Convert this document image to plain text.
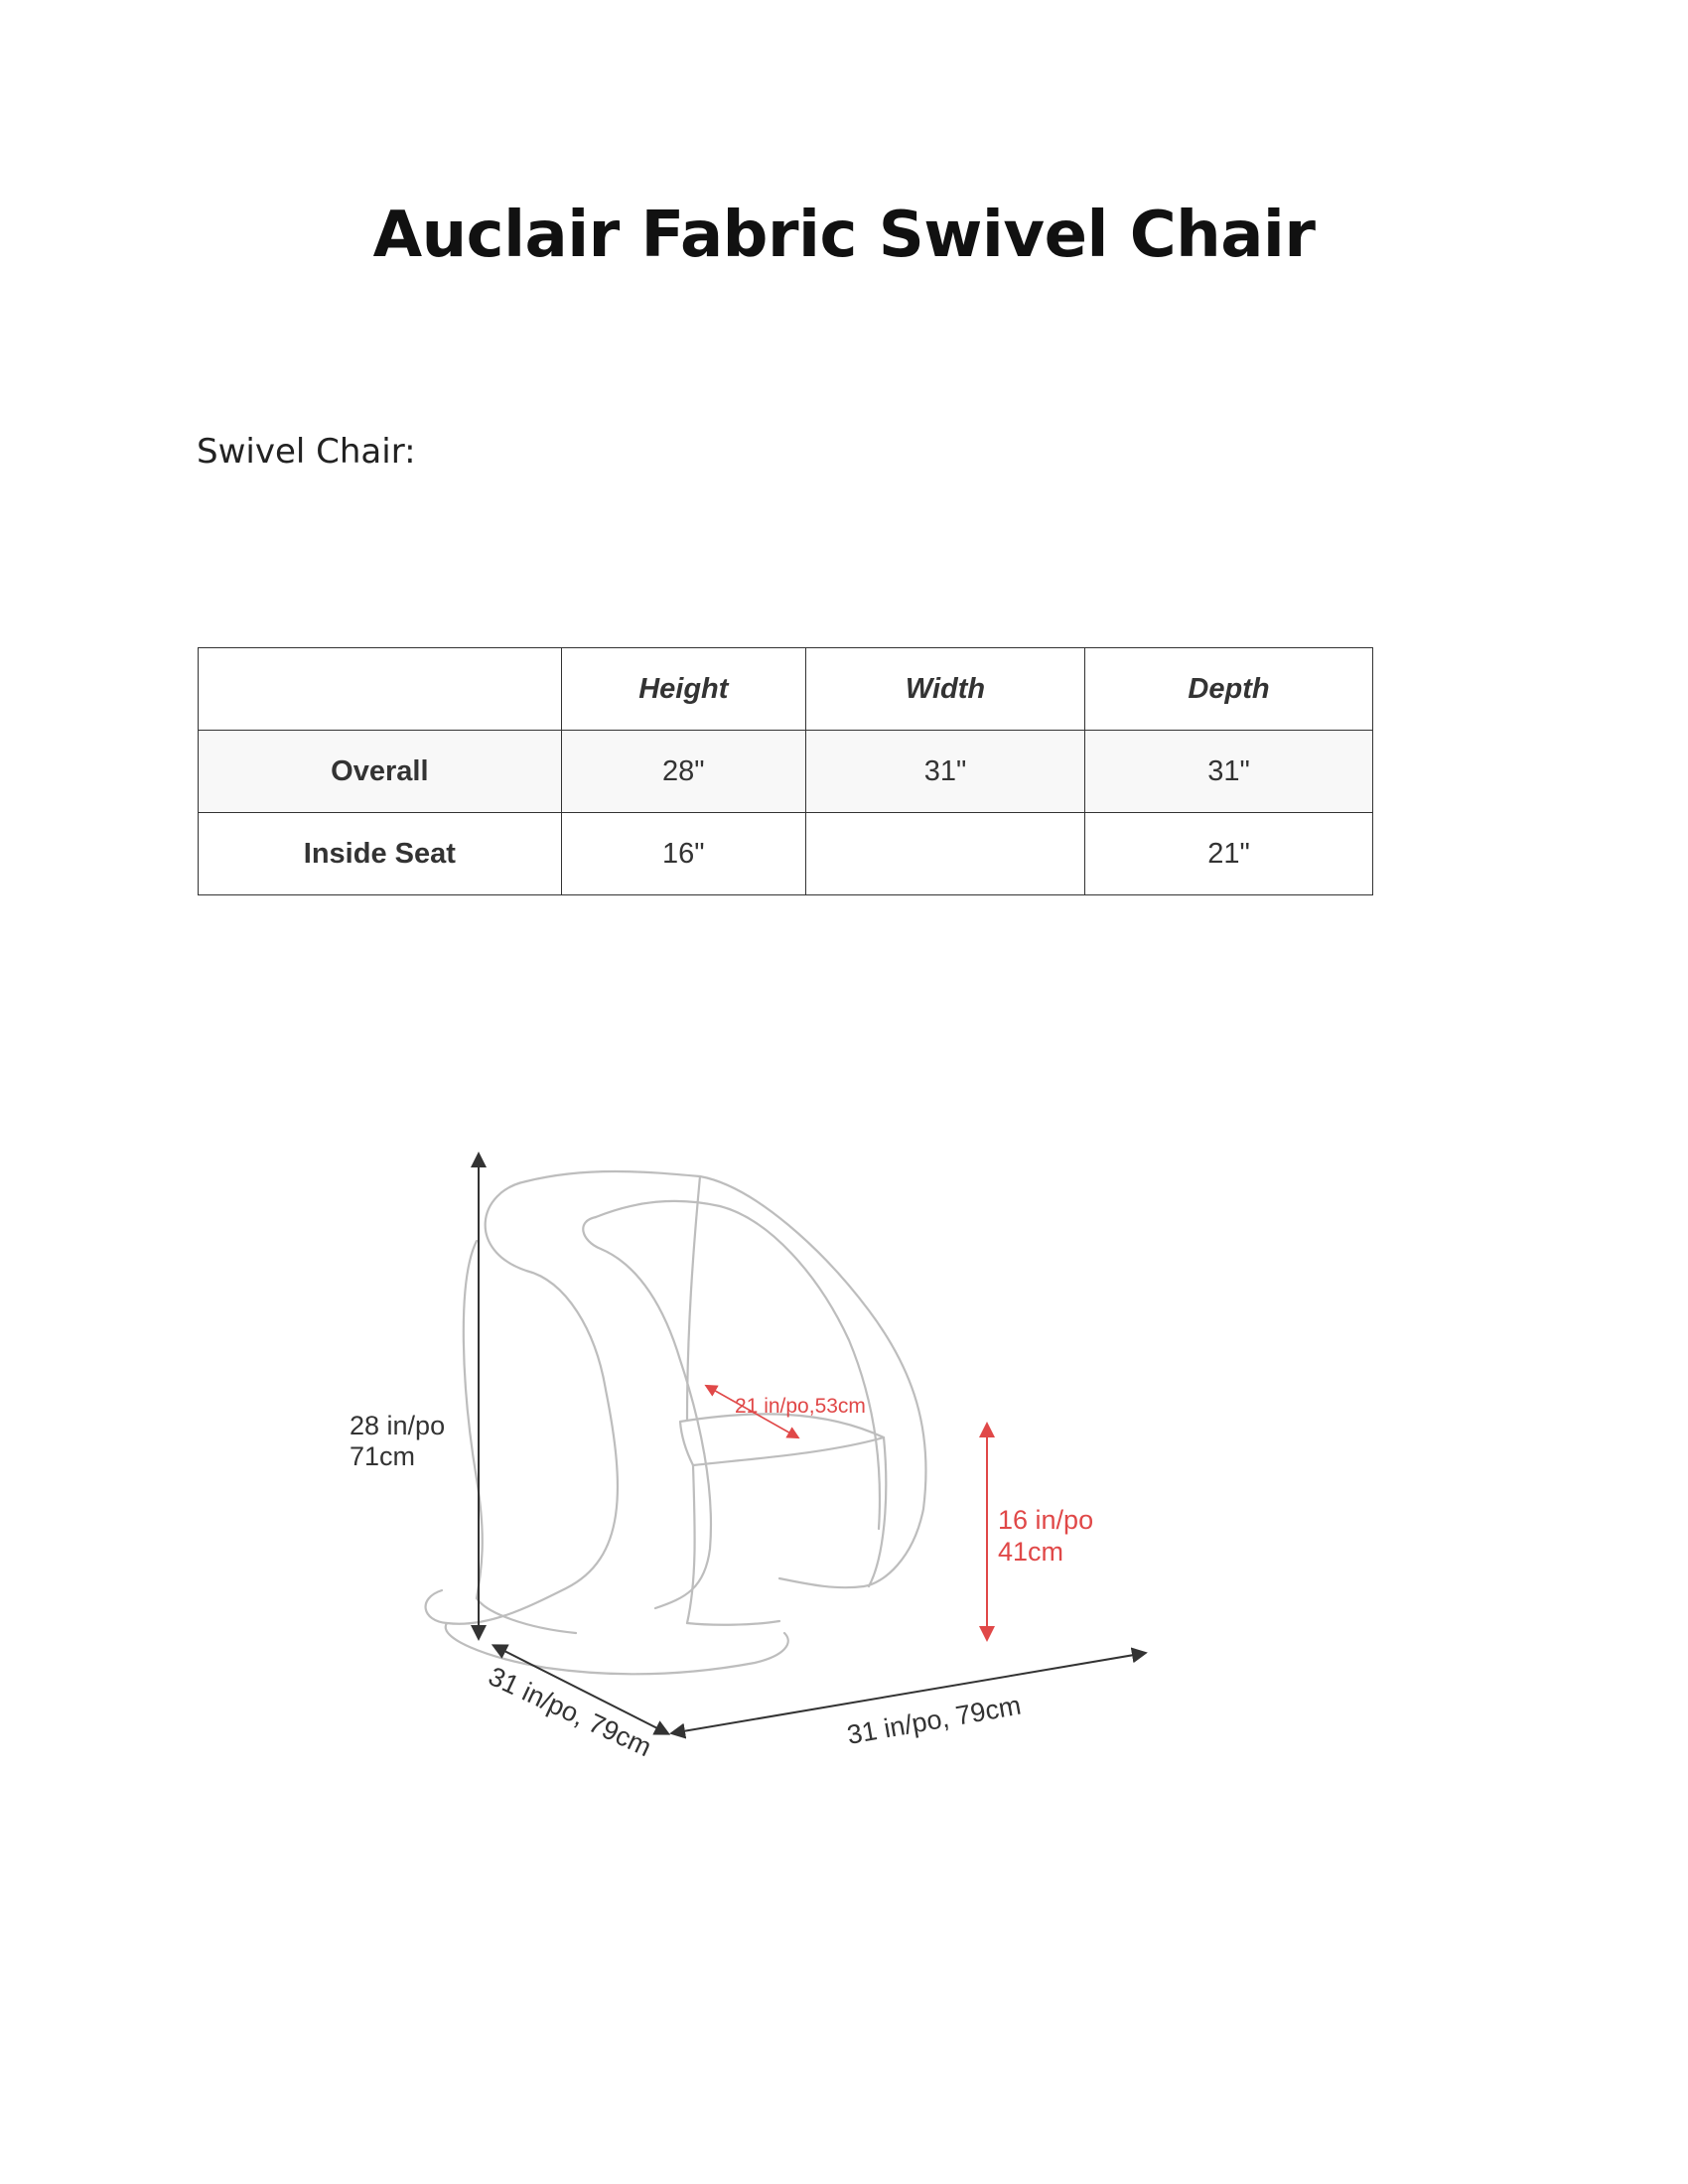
Auclair Fabric Swivel Chair
Swivel Chair:
	Height	Width	Depth
Overall	28"	31"	31"
Inside Seat	16"		21"
28 in/po
71cm
21 in/po,53cm
16 in/po
41cm
31 in/po, 79cm	31 in/po, 79cm
